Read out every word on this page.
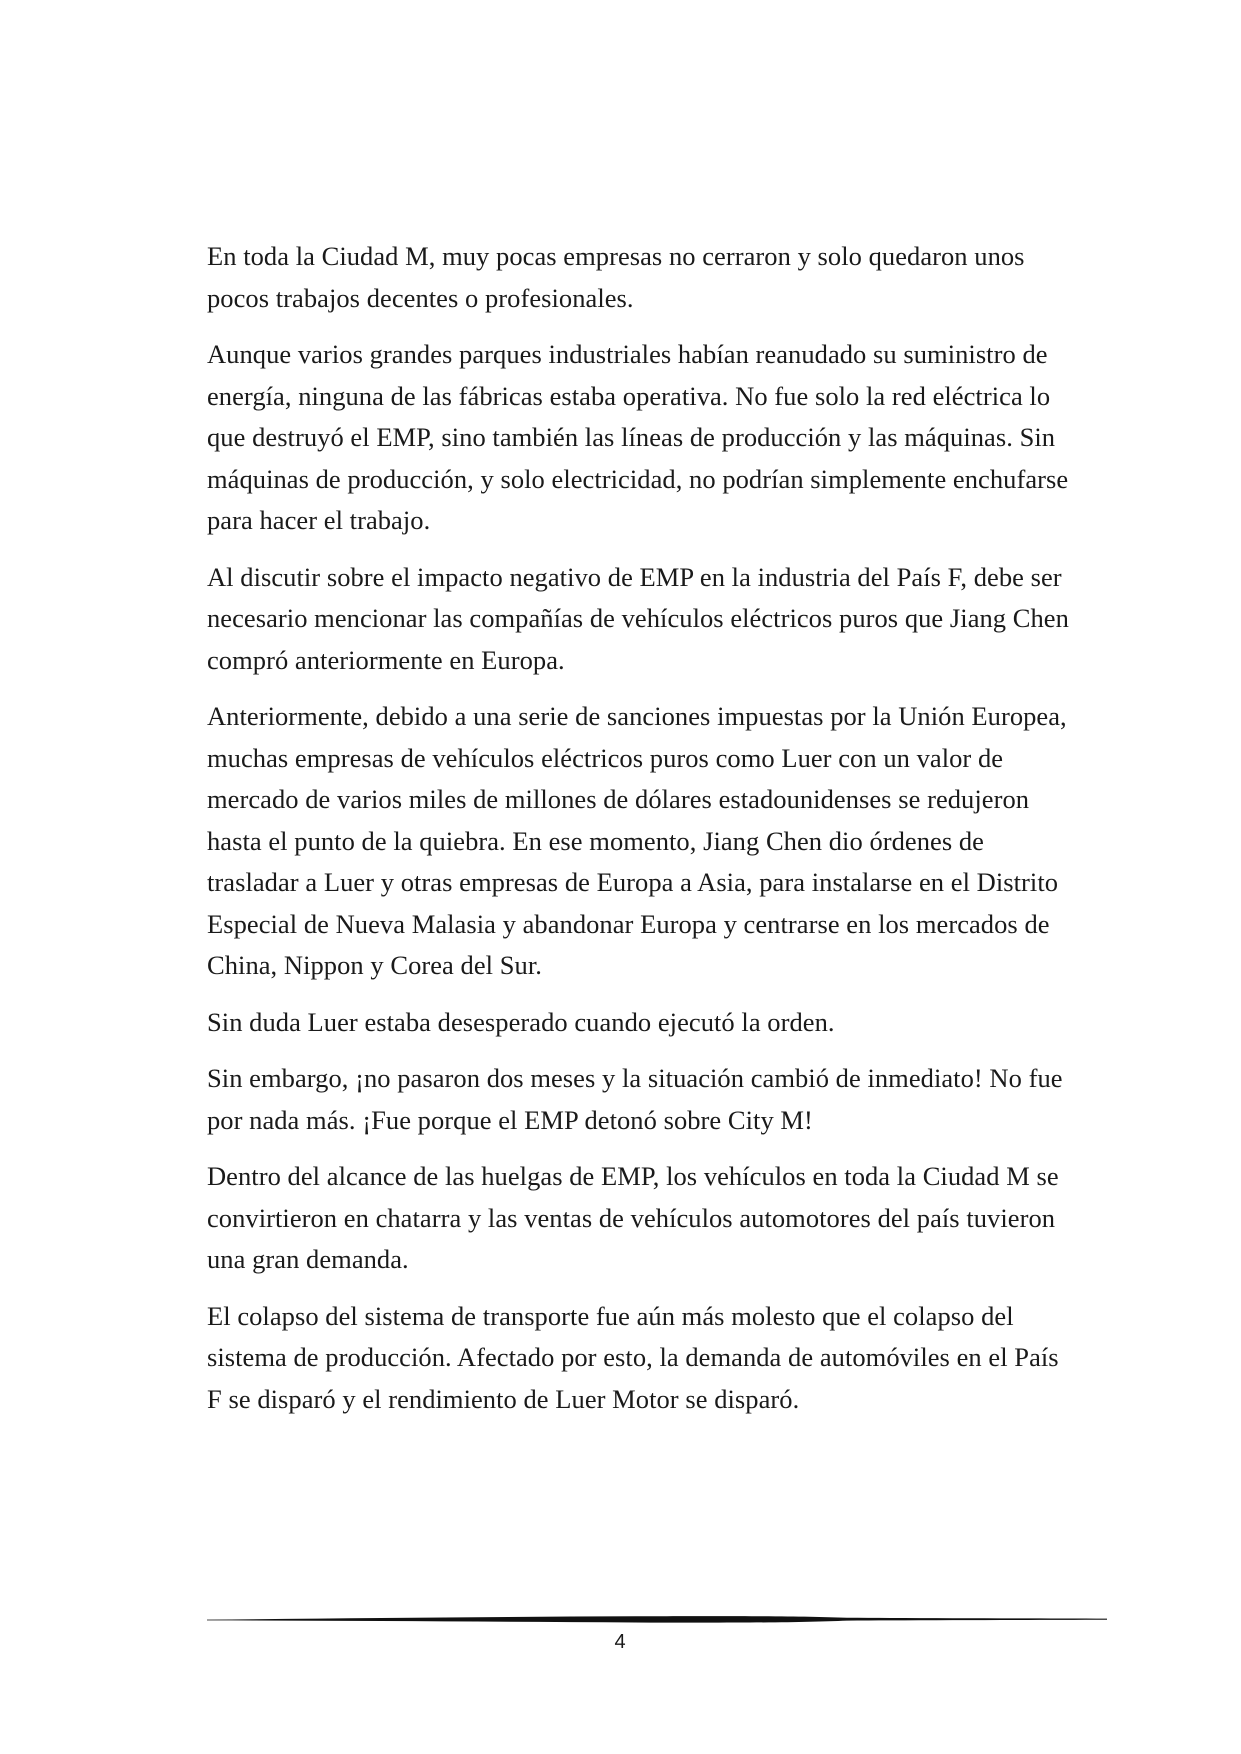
En toda la Ciudad M, muy pocas empresas no cerraron y solo quedaron unos pocos trabajos decentes o profesionales.

Aunque varios grandes parques industriales habían reanudado su suministro de energía, ninguna de las fábricas estaba operativa. No fue solo la red eléctrica lo que destruyó el EMP, sino también las líneas de producción y las máquinas. Sin máquinas de producción, y solo electricidad, no podrían simplemente enchufarse para hacer el trabajo.

Al discutir sobre el impacto negativo de EMP en la industria del País F, debe ser necesario mencionar las compañías de vehículos eléctricos puros que Jiang Chen compró anteriormente en Europa.

Anteriormente, debido a una serie de sanciones impuestas por la Unión Europea, muchas empresas de vehículos eléctricos puros como Luer con un valor de mercado de varios miles de millones de dólares estadounidenses se redujeron hasta el punto de la quiebra. En ese momento, Jiang Chen dio órdenes de trasladar a Luer y otras empresas de Europa a Asia, para instalarse en el Distrito Especial de Nueva Malasia y abandonar Europa y centrarse en los mercados de China, Nippon y Corea del Sur.

Sin duda Luer estaba desesperado cuando ejecutó la orden.

Sin embargo, ¡no pasaron dos meses y la situación cambió de inmediato! No fue por nada más. ¡Fue porque el EMP detonó sobre City M!

Dentro del alcance de las huelgas de EMP, los vehículos en toda la Ciudad M se convirtieron en chatarra y las ventas de vehículos automotores del país tuvieron una gran demanda.

El colapso del sistema de transporte fue aún más molesto que el colapso del sistema de producción. Afectado por esto, la demanda de automóviles en el País F se disparó y el rendimiento de Luer Motor se disparó.

4
